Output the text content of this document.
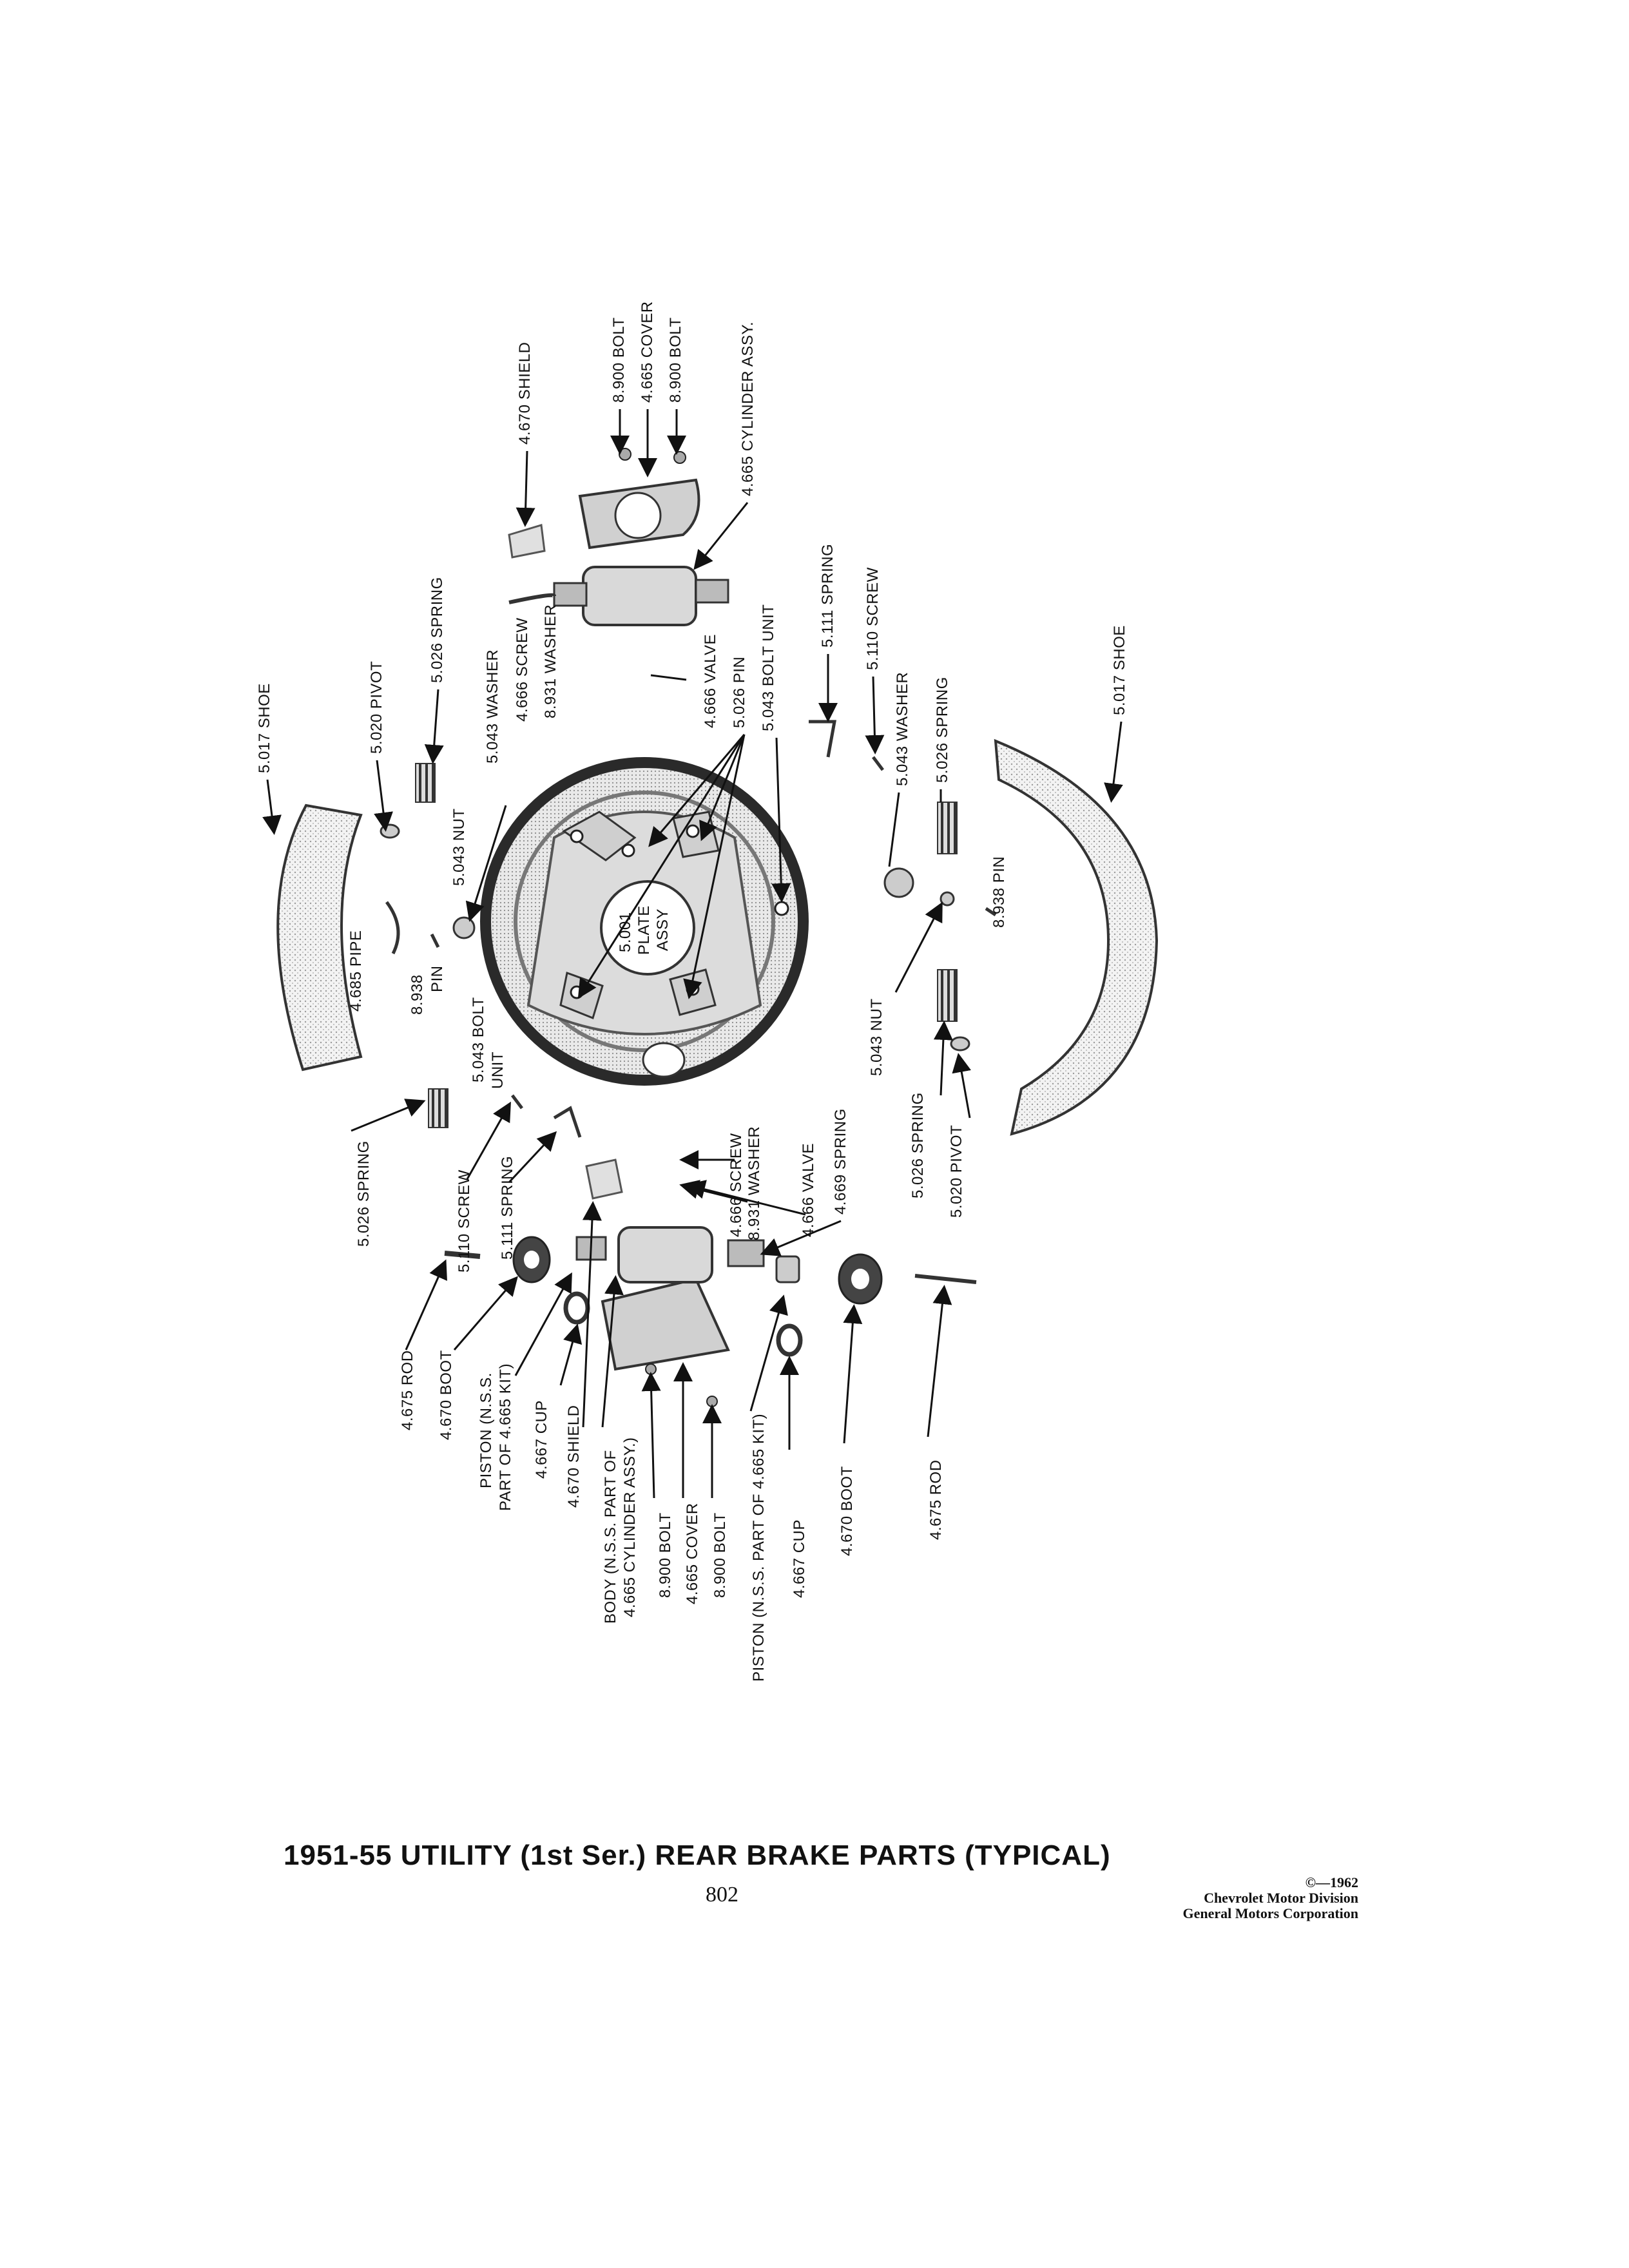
5.017 SHOE	5.020 PIVOT
5.026 SPRING
4.670 SHIELD	8.900 BOLT 4.665 COVER 8.900 BOLT	4.665 CYLINDER ASSY.
5.043 WASHER
5.043 NUT
4.666 SCREW 8.931 WASHER	4.666 VALVE 5.026 PIN 5.043 BOLT UNIT
5.111 SPRING 5.110 SCREW
5.043 WASHER 5.026 SPRING
5.017 SHOE
4.685 PIPE	8.938 PIN
5.001 PLATE ASSY
5.043 BOLT UNIT
8.938 PIN
5.043 NUT
5.026 SPRING 5.020 PIVOT
5.026 SPRING	5.110 SCREW 5.111 SPRING	4.666 SCREW 8.931 WASHER 4.666 VALVE 4.669 SPRING
4.675 ROD 4.670 BOOT PISTON (N.S.S. PART OF 4.665 KIT) 4.667 CUP 4.670 SHIELD BODY (N.S.S. PART OF 4.665 CYLINDER ASSY.) 8.900 BOLT 4.665 COVER 8.900 BOLT PISTON (N.S.S. PART OF 4.665 KIT) 4.667 CUP
4.670 BOOT	4.675 ROD
1951-55 UTILITY (1st Ser.) REAR BRAKE PARTS (TYPICAL)
802
©—1962
Chevrolet Motor Division
General Motors Corporation
